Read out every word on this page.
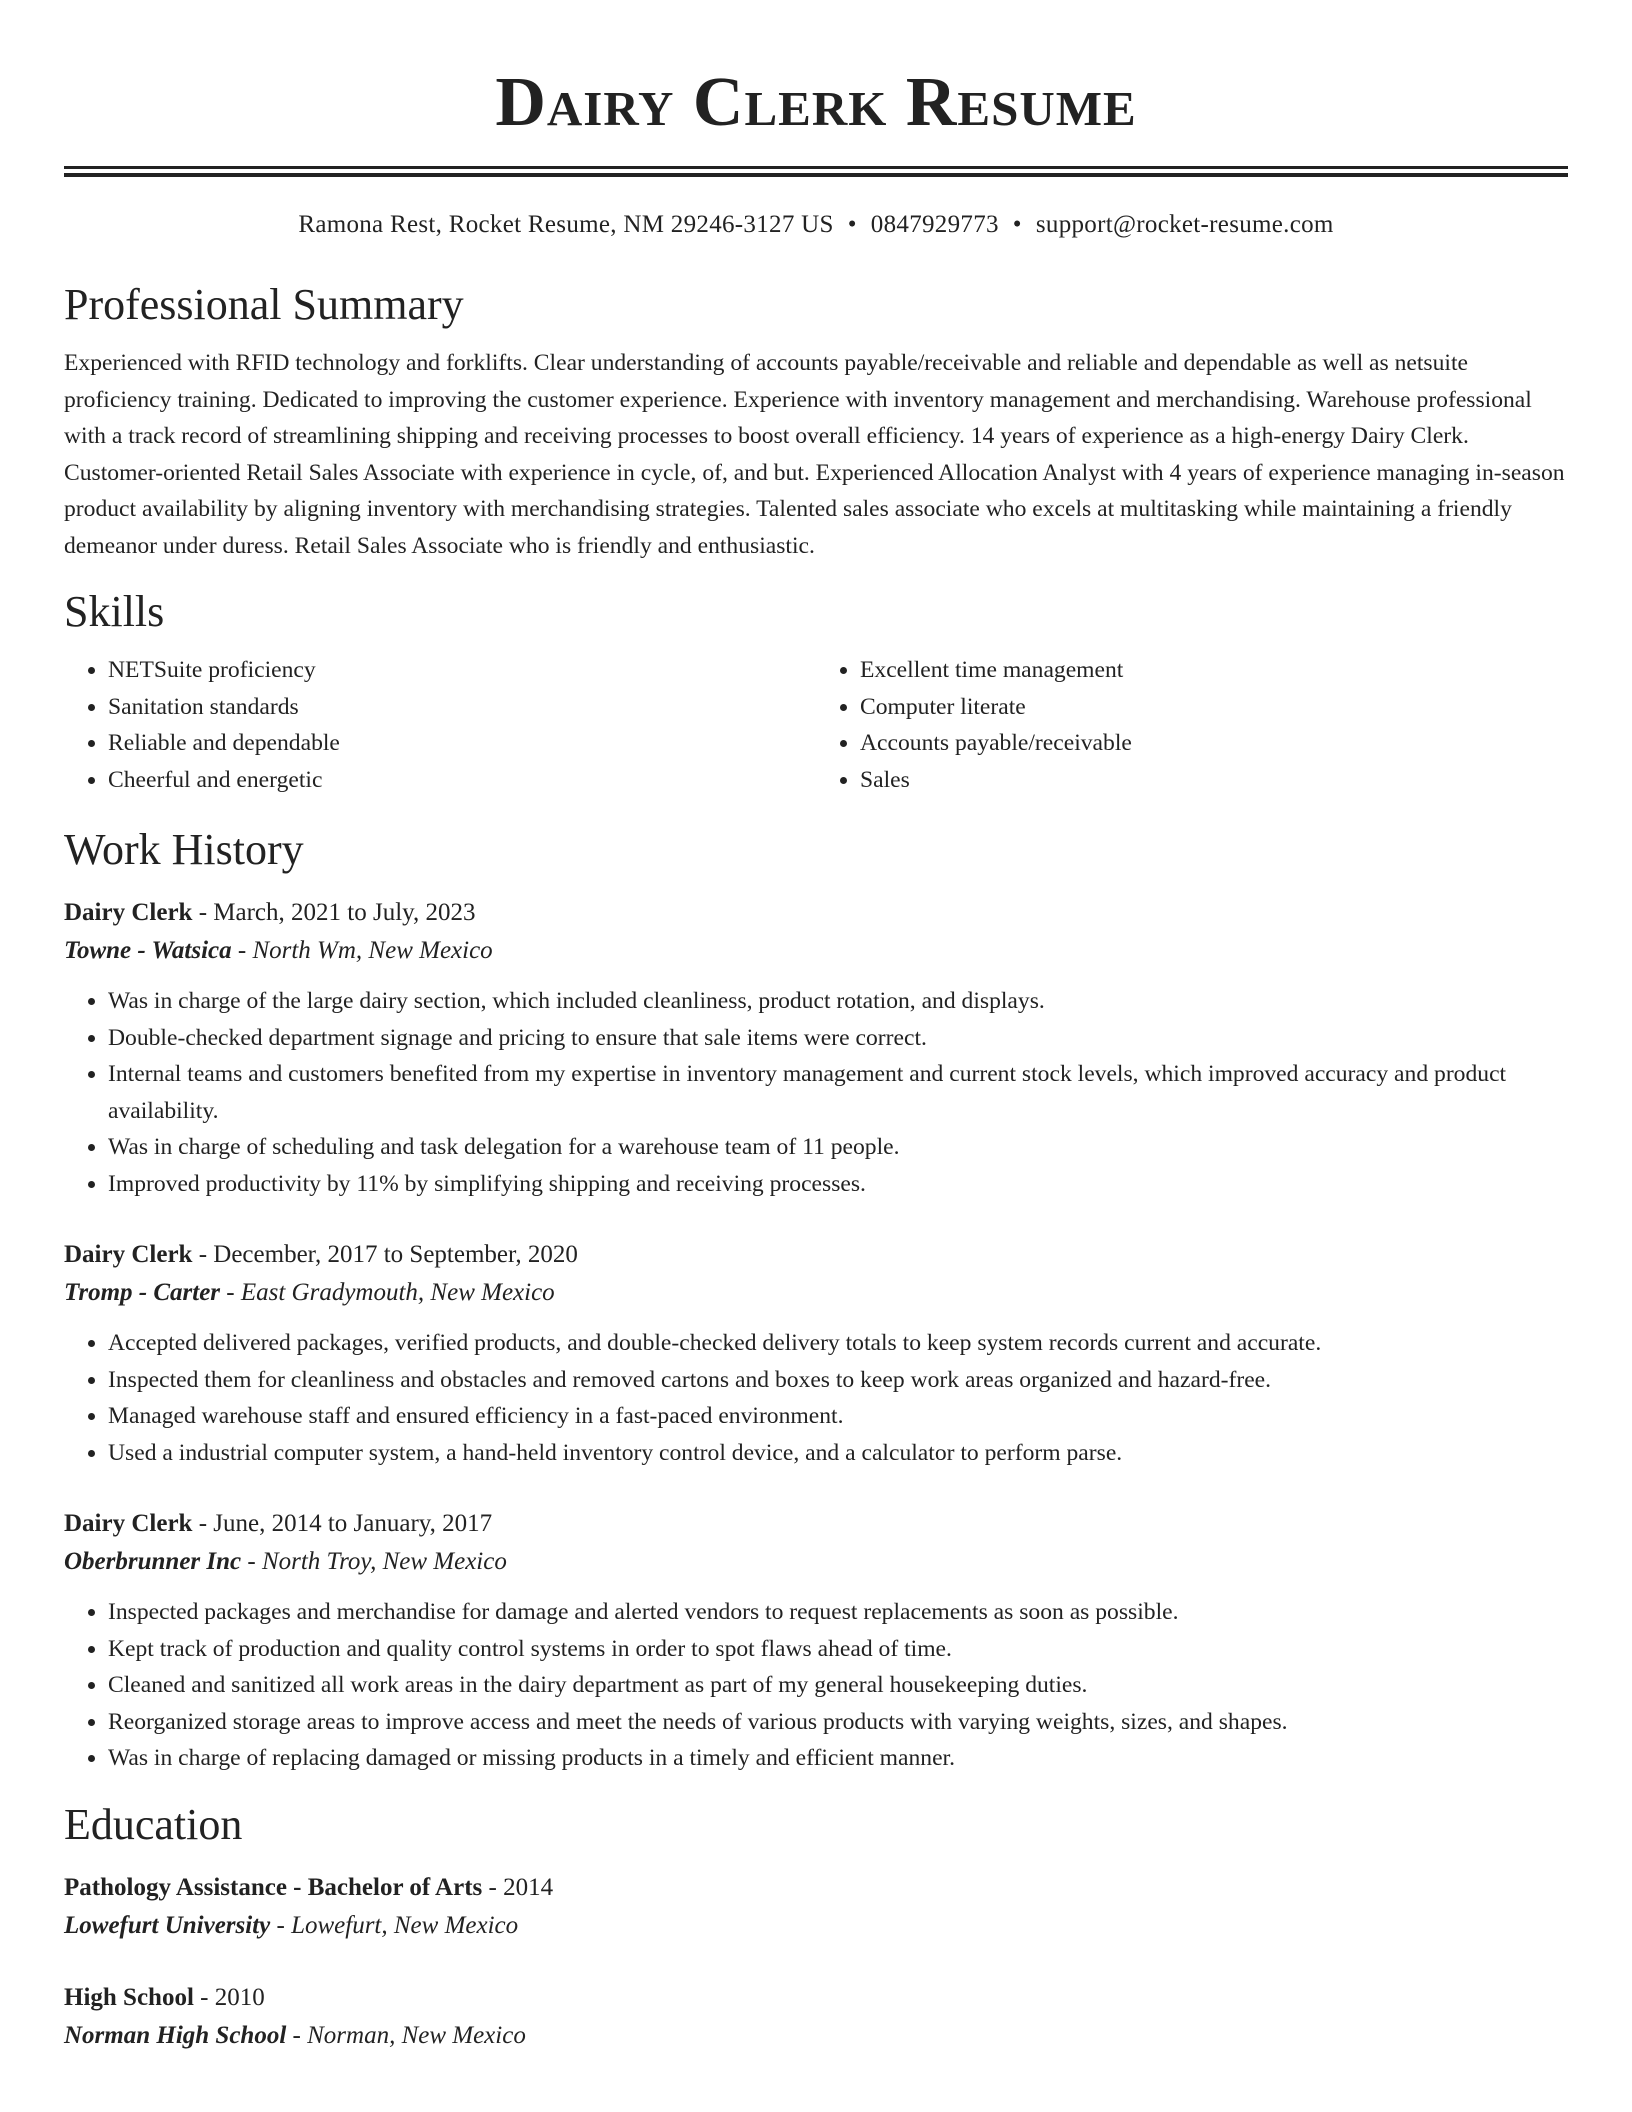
Dairy Clerk Resume
Ramona Rest, Rocket Resume, NM 29246-3127 US • 0847929773 • support@rocket-resume.com
Professional Summary
Experienced with RFID technology and forklifts. Clear understanding of accounts payable/receivable and reliable and dependable as well as netsuite proficiency training. Dedicated to improving the customer experience. Experience with inventory management and merchandising. Warehouse professional with a track record of streamlining shipping and receiving processes to boost overall efficiency. 14 years of experience as a high-energy Dairy Clerk. Customer-oriented Retail Sales Associate with experience in cycle, of, and but. Experienced Allocation Analyst with 4 years of experience managing in-season product availability by aligning inventory with merchandising strategies. Talented sales associate who excels at multitasking while maintaining a friendly demeanor under duress. Retail Sales Associate who is friendly and enthusiastic.
Skills
• NETSuite proficiency
• Sanitation standards
• Reliable and dependable
• Cheerful and energetic
• Excellent time management
• Computer literate
• Accounts payable/receivable
• Sales
Work History
Dairy Clerk - March, 2021 to July, 2023
Towne - Watsica - North Wm, New Mexico
• Was in charge of the large dairy section, which included cleanliness, product rotation, and displays.
• Double-checked department signage and pricing to ensure that sale items were correct.
• Internal teams and customers benefited from my expertise in inventory management and current stock levels, which improved accuracy and product availability.
• Was in charge of scheduling and task delegation for a warehouse team of 11 people.
• Improved productivity by 11% by simplifying shipping and receiving processes.
Dairy Clerk - December, 2017 to September, 2020
Tromp - Carter - East Gradymouth, New Mexico
• Accepted delivered packages, verified products, and double-checked delivery totals to keep system records current and accurate.
• Inspected them for cleanliness and obstacles and removed cartons and boxes to keep work areas organized and hazard-free.
• Managed warehouse staff and ensured efficiency in a fast-paced environment.
• Used a industrial computer system, a hand-held inventory control device, and a calculator to perform parse.
Dairy Clerk - June, 2014 to January, 2017
Oberbrunner Inc - North Troy, New Mexico
• Inspected packages and merchandise for damage and alerted vendors to request replacements as soon as possible.
• Kept track of production and quality control systems in order to spot flaws ahead of time.
• Cleaned and sanitized all work areas in the dairy department as part of my general housekeeping duties.
• Reorganized storage areas to improve access and meet the needs of various products with varying weights, sizes, and shapes.
• Was in charge of replacing damaged or missing products in a timely and efficient manner.
Education
Pathology Assistance - Bachelor of Arts - 2014
Lowefurt University - Lowefurt, New Mexico
High School - 2010
Norman High School - Norman, New Mexico
